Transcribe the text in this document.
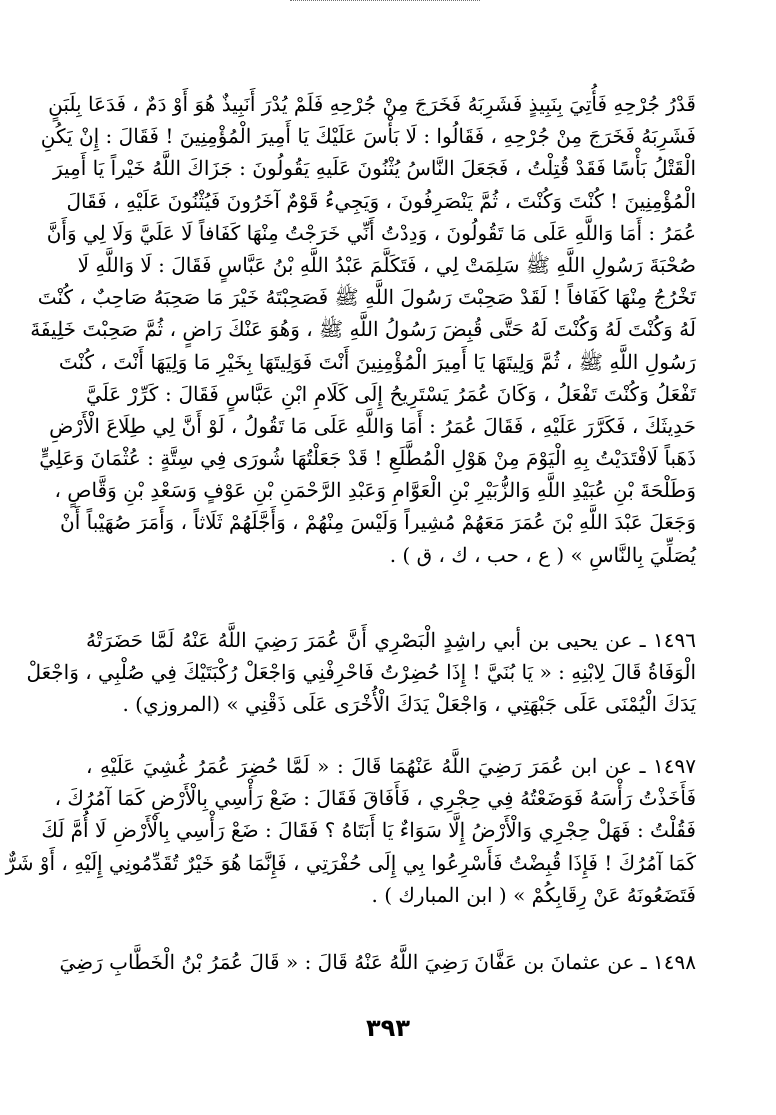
قَدْرُ جُرْحِهِ فَأُتِيَ بِنَبِيذٍ فَشَرِبَهُ فَخَرَجَ مِنْ جُرْحِهِ فَلَمْ يُدْرَ أَنَبِيذٌ هُوَ أَوْ دَمٌ ، فَدَعَا بِلَبَنٍ
فَشَرِبَهُ فَخَرَجَ مِنْ جُرْحِهِ ، فَقَالُوا : لَا بَأْسَ عَلَيْكَ يَا أَمِيرَ الْمُؤْمِنِينَ ! فَقَالَ : إِنْ يَكُنِ
الْقَتْلُ بَأْسًا فَقَدْ قُتِلْتُ ، فَجَعَلَ النَّاسُ يُثْنُونَ عَلَيهِ يَقُولُونَ : جَزَاكَ اللَّهُ خَيْراً يَا أَمِيرَ
الْمُؤْمِنِينَ ! كُنْتَ وَكُنْتَ ، ثُمَّ يَنْصَرِفُونَ ، وَيَجِيءُ قَوْمٌ آخَرُونَ فَيُثْنُونَ عَلَيْهِ ، فَقَالَ
عُمَرُ : أَمَا وَاللَّهِ عَلَى مَا تَقُولُونَ ، وَدِدْتُ أَنِّي خَرَجْتُ مِنْهَا كَفَافاً لَا عَلَيَّ وَلَا لِي وَأَنَّ
صُحْبَةَ رَسُولِ اللَّهِ ﷺ سَلِمَتْ لِي ، فَتَكَلَّمَ عَبْدُ اللَّهِ بْنُ عَبَّاسٍ فَقَالَ : لَا وَاللَّهِ لَا
تَخْرُجُ مِنْهَا كَفَافاً ! لَقَدْ صَحِبْتَ رَسُولَ اللَّهِ ﷺ فَصَحِبْتَهُ خَيْرَ مَا صَحِبَهُ صَاحِبٌ ، كُنْتَ
لَهُ وَكُنْتَ لَهُ وَكُنْتَ لَهُ حَتَّى قُبِضَ رَسُولُ اللَّهِ ﷺ ، وَهُوَ عَنْكَ رَاضٍ ، ثُمَّ صَحِبْتَ خَلِيفَةَ
رَسُولِ اللَّهِ ﷺ ، ثُمَّ وَلِيتَهَا يَا أَمِيرَ الْمُؤْمِنِينَ أَنْتَ فَوَلِيتَهَا بِخَيْرِ مَا وَلِيَهَا أَنْتَ ، كُنْتَ
تَفْعَلُ وَكُنْتَ تَفْعَلُ ، وَكَانَ عُمَرُ يَسْتَرِيحُ إِلَى كَلَامِ ابْنِ عَبَّاسٍ فَقَالَ : كَرِّرْ عَلَيَّ
حَدِيثَكَ ، فَكَرَّرَ عَلَيْهِ ، فَقَالَ عُمَرُ : أَمَا وَاللَّهِ عَلَى مَا تَقُولُ ، لَوْ أَنَّ لِي طِلَاعَ الْأَرْضِ
ذَهَباً لَافْتَدَيْتُ بِهِ الْيَوْمَ مِنْ هَوْلِ الْمُطَّلَعِ ! قَدْ جَعَلْتُهَا شُورَى فِي سِتَّةٍ : عُثْمَانَ وَعَلِيٍّ
وَطَلْحَةَ بْنِ عُبَيْدِ اللَّهِ وَالزُّبَيْرِ بْنِ الْعَوَّامِ وَعَبْدِ الرَّحْمَنِ بْنِ عَوْفٍ وَسَعْدِ بْنِ وَقَّاصٍ ،
وَجَعَلَ عَبْدَ اللَّهِ بْنَ عُمَرَ مَعَهُمْ مُشِيراً وَلَيْسَ مِنْهُمْ ، وَأَجَّلَهُمْ ثَلَاثاً ، وَأَمَرَ صُهَيْباً أَنْ
يُصَلِّيَ بِالنَّاسِ » ( ع ، حب ، ك ، ق ) .
١٤٩٦ ـ عن يحيى بن أبي راشِدٍ الْبَصْرِي أَنَّ عُمَرَ رَضِيَ اللَّهُ عَنْهُ لَمَّا حَضَرَتْهُ
الْوَفَاةُ قَالَ لِابْنِهِ : « يَا بُنَيَّ ! إِذَا حُضِرْتُ فَاحْرِفْنِي وَاجْعَلْ رُكْبَتَيْكَ فِي صُلْبِي ، وَاجْعَلْ
يَدَكَ الْيُمْنَى عَلَى جَبْهَتِي ، وَاجْعَلْ يَدَكَ الْأُخْرَى عَلَى ذَقْنِي » (المروزي) .
١٤٩٧ ـ عن ابن عُمَرَ رَضِيَ اللَّهُ عَنْهُمَا قَالَ : « لَمَّا حُضِرَ عُمَرُ غُشِيَ عَلَيْهِ ،
فَأَخَذْتُ رَأْسَهُ فَوَضَعْتُهُ فِي حِجْرِي ، فَأَفَاقَ فَقَالَ : ضَعْ رَأْسِي بِالْأَرْضِ كَمَا آمُرُكَ ،
فَقُلْتُ : فَهَلْ حِجْرِي وَالْأَرْضُ إِلَّا سَوَاءٌ يَا أَبَتَاهُ ؟ فَقَالَ : ضَعْ رَأْسِي بِالْأَرْضِ لَا أُمَّ لَكَ
كَمَا آمُرُكَ ! فَإِذَا قُبِضْتُ فَأَسْرِعُوا بِي إِلَى حُفْرَتِي ، فَإِنَّمَا هُوَ خَيْرٌ تُقَدِّمُونِي إِلَيْهِ ، أَوْ شَرٌّ
فَتَضَعُونَهُ عَنْ رِقَابِكُمْ » ( ابن المبارك ) .
١٤٩٨ ـ عن عثمانَ بن عَفَّانَ رَضِيَ اللَّهُ عَنْهُ قَالَ : « قَالَ عُمَرُ بْنُ الْخَطَّابِ رَضِيَ
٣٩٣
